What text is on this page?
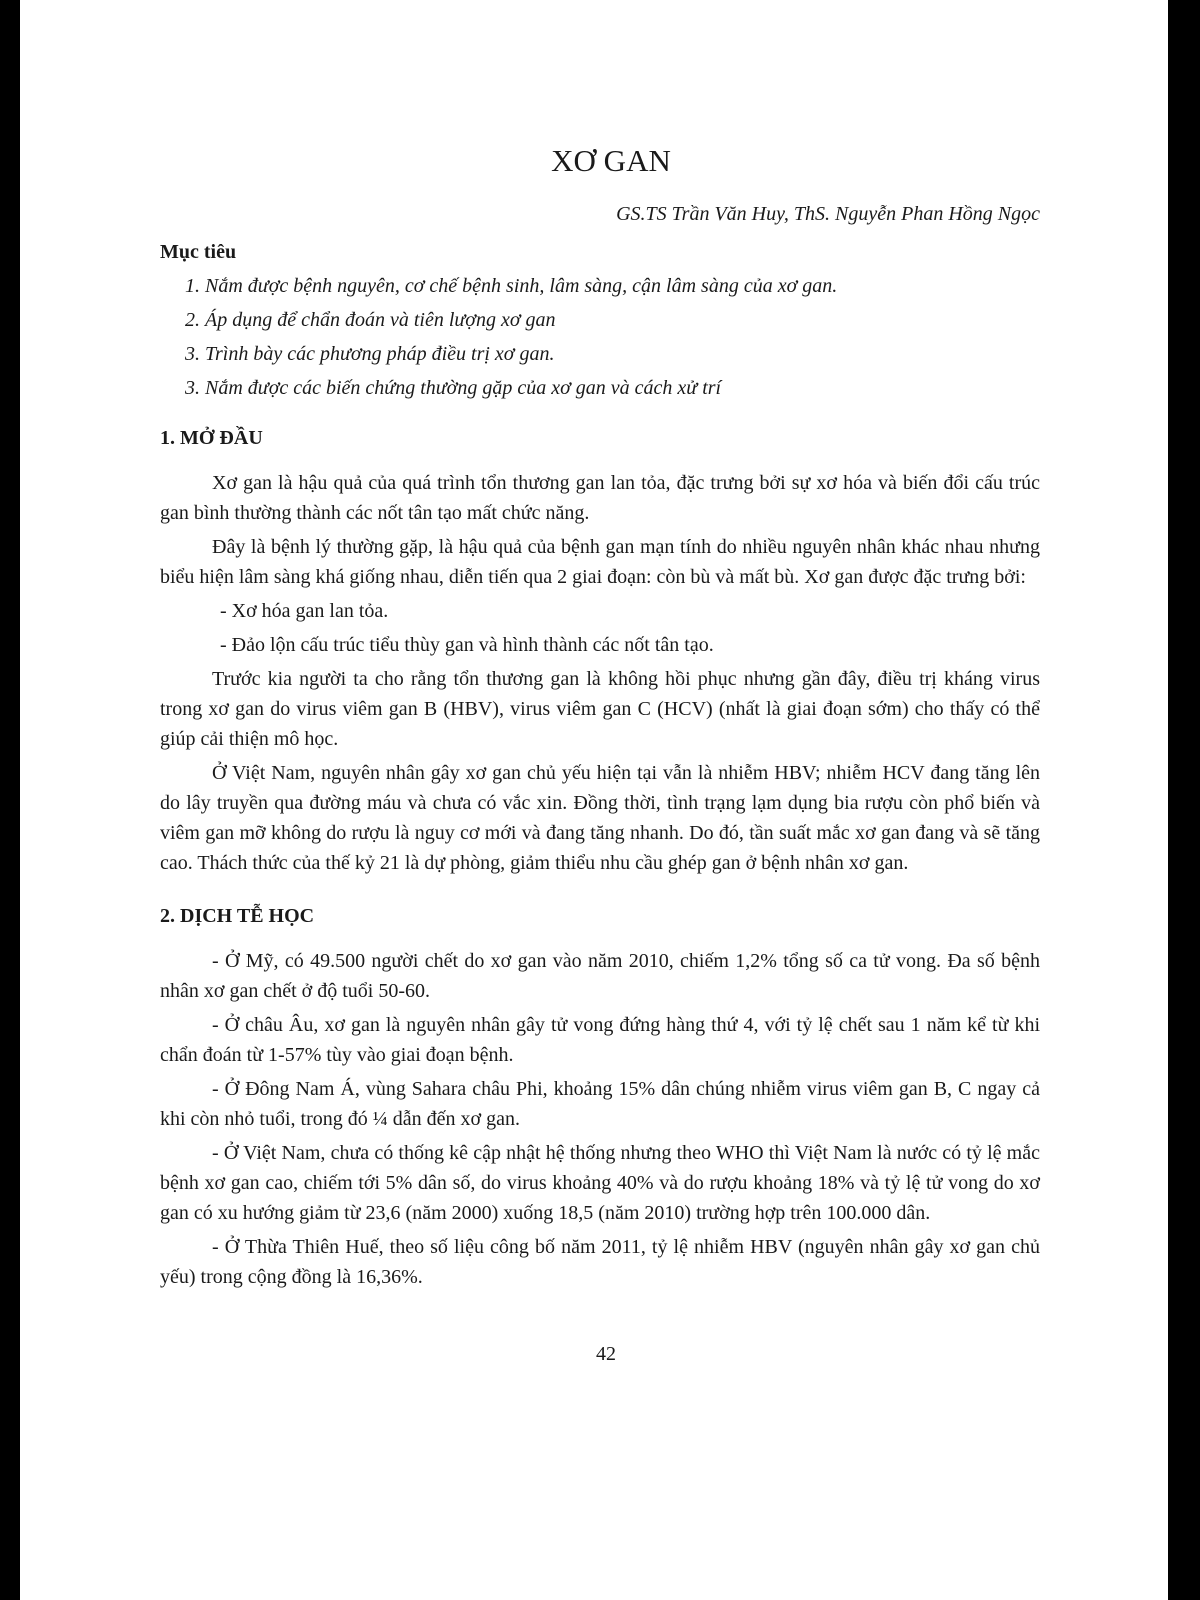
XƠ GAN
GS.TS Trần Văn Huy, ThS. Nguyễn Phan Hồng Ngọc
Mục tiêu
1. Nắm được bệnh nguyên, cơ chế bệnh sinh, lâm sàng, cận lâm sàng của xơ gan.
2. Áp dụng để chẩn đoán và tiên lượng xơ gan
3. Trình bày các phương pháp điều trị xơ gan.
3. Nắm được các biến chứng thường gặp của xơ gan và cách xử trí
1. MỞ ĐẦU

Xơ gan là hậu quả của quá trình tổn thương gan lan tỏa, đặc trưng bởi sự xơ hóa và biến đổi cấu trúc gan bình thường thành các nốt tân tạo mất chức năng.

Đây là bệnh lý thường gặp, là hậu quả của bệnh gan mạn tính do nhiều nguyên nhân khác nhau nhưng biểu hiện lâm sàng khá giống nhau, diễn tiến qua 2 giai đoạn: còn bù và mất bù. Xơ gan được đặc trưng bởi:

- Xơ hóa gan lan tỏa.

- Đảo lộn cấu trúc tiểu thùy gan và hình thành các nốt tân tạo.

Trước kia người ta cho rằng tổn thương gan là không hồi phục nhưng gần đây, điều trị kháng virus trong xơ gan do virus viêm gan B (HBV), virus viêm gan C (HCV) (nhất là giai đoạn sớm) cho thấy có thể giúp cải thiện mô học.

Ở Việt Nam, nguyên nhân gây xơ gan chủ yếu hiện tại vẫn là nhiễm HBV; nhiễm HCV đang tăng lên do lây truyền qua đường máu và chưa có vắc xin. Đồng thời, tình trạng lạm dụng bia rượu còn phổ biến và viêm gan mỡ không do rượu là nguy cơ mới và đang tăng nhanh. Do đó, tần suất mắc xơ gan đang và sẽ tăng cao. Thách thức của thế kỷ 21 là dự phòng, giảm thiểu nhu cầu ghép gan ở bệnh nhân xơ gan.

2. DỊCH TỄ HỌC

- Ở Mỹ, có 49.500 người chết do xơ gan vào năm 2010, chiếm 1,2% tổng số ca tử vong. Đa số bệnh nhân xơ gan chết ở độ tuổi 50-60.

- Ở châu Âu, xơ gan là nguyên nhân gây tử vong đứng hàng thứ 4, với tỷ lệ chết sau 1 năm kể từ khi chẩn đoán từ 1-57% tùy vào giai đoạn bệnh.

- Ở Đông Nam Á, vùng Sahara châu Phi, khoảng 15% dân chúng nhiễm virus viêm gan B, C ngay cả khi còn nhỏ tuổi, trong đó ¼ dẫn đến xơ gan.

- Ở Việt Nam, chưa có thống kê cập nhật hệ thống nhưng theo WHO thì Việt Nam là nước có tỷ lệ mắc bệnh xơ gan cao, chiếm tới 5% dân số, do virus khoảng 40% và do rượu khoảng 18% và tỷ lệ tử vong do xơ gan có xu hướng giảm từ 23,6 (năm 2000) xuống 18,5 (năm 2010) trường hợp trên 100.000 dân.

- Ở Thừa Thiên Huế, theo số liệu công bố năm 2011, tỷ lệ nhiễm HBV (nguyên nhân gây xơ gan chủ yếu) trong cộng đồng là 16,36%.

42
